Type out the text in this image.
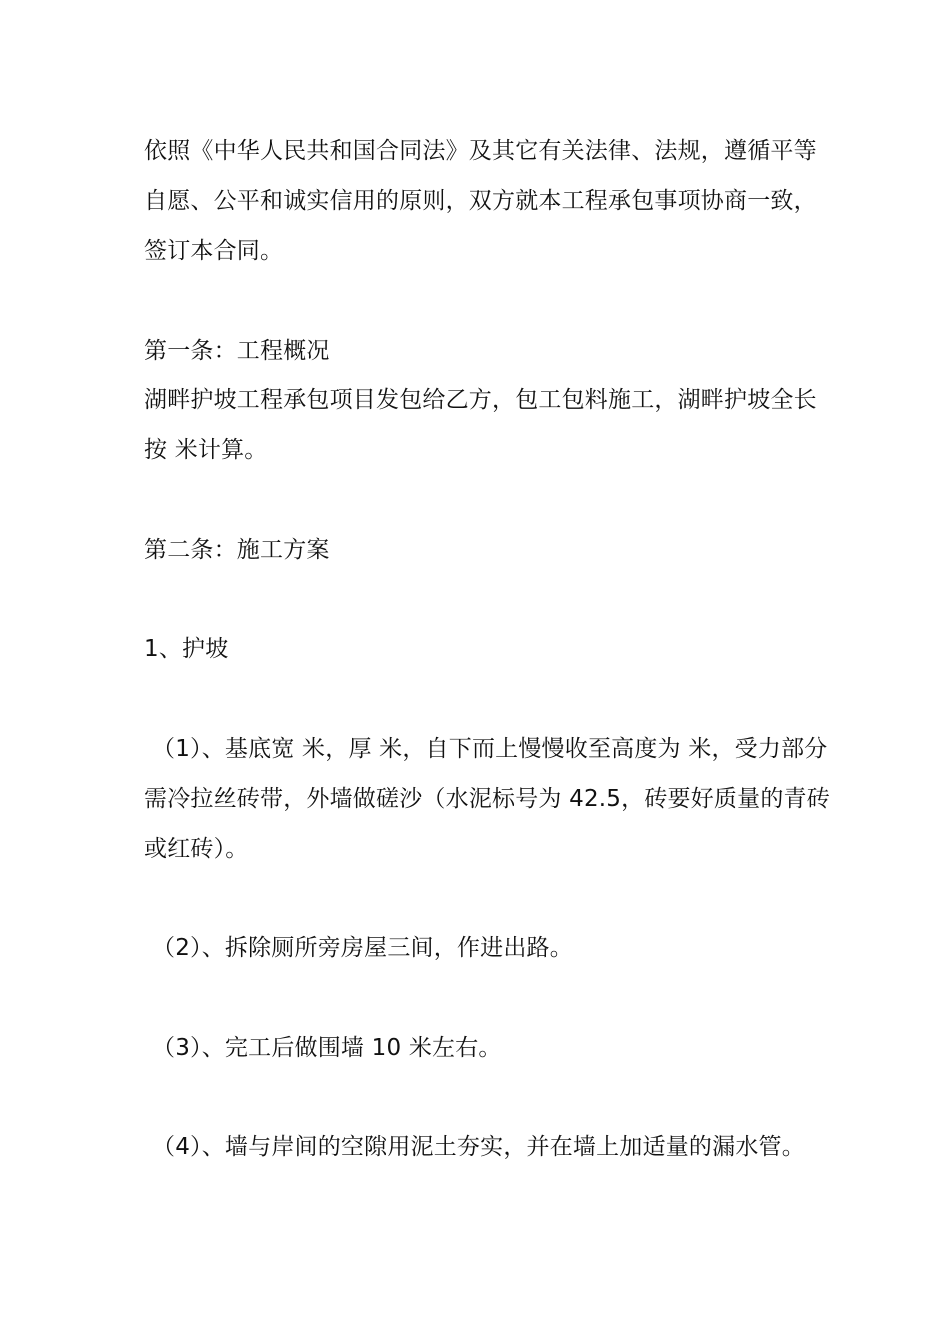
依照《中华人民共和国合同法》及其它有关法律、法规，遵循平等
自愿、公平和诚实信用的原则，双方就本工程承包事项协商一致，
签订本合同。
第一条：工程概况
湖畔护坡工程承包项目发包给乙方，包工包料施工，湖畔护坡全长
按 米计算。
第二条：施工方案
1、护坡
（1）、基底宽 米，厚 米，自下而上慢慢收至高度为 米，受力部分
需冷拉丝砖带，外墙做磋沙（水泥标号为 42.5，砖要好质量的青砖
或红砖）。
（2）、拆除厕所旁房屋三间，作进出路。
（3）、完工后做围墙 10 米左右。
（4）、墙与岸间的空隙用泥土夯实，并在墙上加适量的漏水管。
